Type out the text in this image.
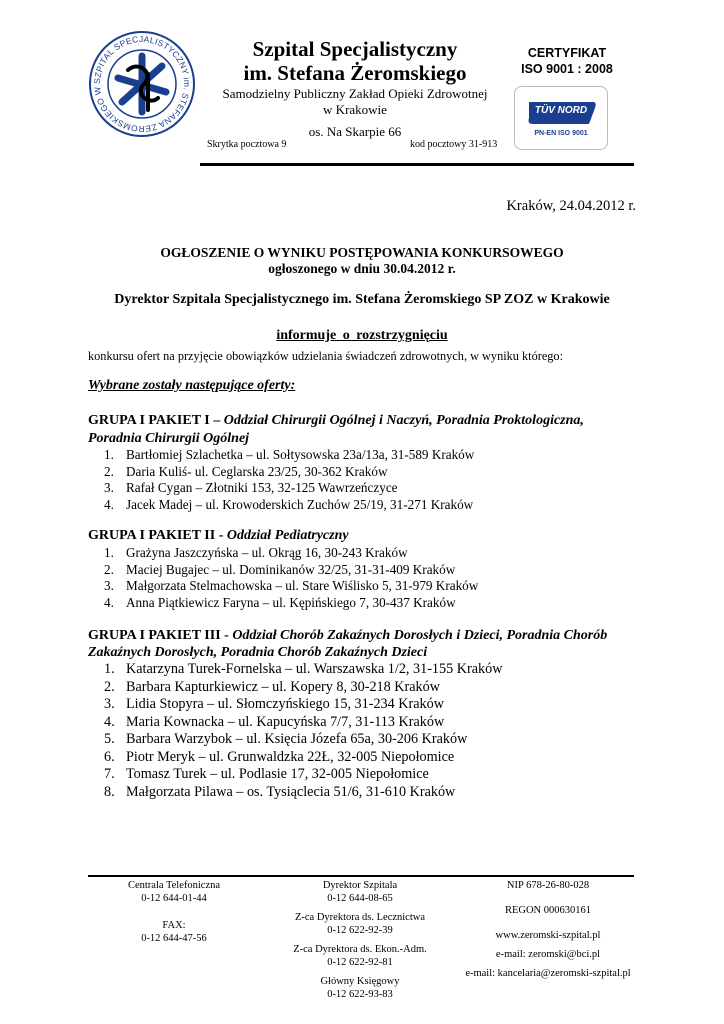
SZPITAL SPECJALISTYCZNY im. STEFANA ŻEROMSKIEGO W
Szpital Specjalistyczny
im. Stefana Żeromskiego
Samodzielny Publiczny Zakład Opieki Zdrowotnej
w Krakowie
os. Na Skarpie 66
Skrytka pocztowa 9	kod pocztowy 31-913
CERTYFIKAT
ISO 9001 : 2008
TÜV NORD
PN-EN ISO 9001
Kraków, 24.04.2012 r.
OGŁOSZENIE O WYNIKU POSTĘPOWANIA KONKURSOWEGO
ogłoszonego w dniu 30.04.2012 r.
Dyrektor Szpitala Specjalistycznego im. Stefana Żeromskiego SP ZOZ w Krakowie
informuje o rozstrzygnięciu
konkursu ofert na przyjęcie obowiązków udzielania świadczeń zdrowotnych, w wyniku którego:
Wybrane zostały następujące oferty:
GRUPA I PAKIET I – Oddział Chirurgii Ogólnej i Naczyń, Poradnia Proktologiczna,
Poradnia Chirurgii Ogólnej
1. Bartłomiej Szlachetka – ul. Sołtysowska 23a/13a, 31-589 Kraków
2. Daria Kuliś- ul. Ceglarska 23/25, 30-362 Kraków
3. Rafał Cygan – Złotniki 153, 32-125 Wawrzeńczyce
4. Jacek Madej – ul. Krowoderskich Zuchów 25/19, 31-271 Kraków
GRUPA I PAKIET II - Oddział Pediatryczny
1. Grażyna Jaszczyńska – ul. Okrąg 16, 30-243 Kraków
2. Maciej Bugajec – ul. Dominikanów 32/25, 31-31-409 Kraków
3. Małgorzata Stelmachowska – ul. Stare Wiślisko 5, 31-979 Kraków
4. Anna Piątkiewicz Faryna – ul. Kępińskiego 7, 30-437 Kraków
GRUPA I PAKIET III - Oddział Chorób Zakaźnych Dorosłych i Dzieci, Poradnia Chorób
Zakaźnych Dorosłych, Poradnia Chorób Zakaźnych Dzieci
1. Katarzyna Turek-Fornelska – ul. Warszawska 1/2, 31-155 Kraków
2. Barbara Kapturkiewicz – ul. Kopery 8, 30-218 Kraków
3. Lidia Stopyra – ul. Słomczyńskiego 15, 31-234 Kraków
4. Maria Kownacka – ul. Kapucyńska 7/7, 31-113 Kraków
5. Barbara Warzybok – ul. Księcia Józefa 65a, 30-206 Kraków
6. Piotr Meryk – ul. Grunwaldzka 22Ł, 32-005 Niepołomice
7. Tomasz Turek – ul. Podlasie 17, 32-005 Niepołomice
8. Małgorzata Pilawa – os. Tysiąclecia 51/6, 31-610 Kraków
Centrala Telefoniczna
0-12 644-01-44
FAX:
0-12 644-47-56
Dyrektor Szpitala
0-12 644-08-65
Z-ca Dyrektora ds. Lecznictwa
0-12 622-92-39
Z-ca Dyrektora ds. Ekon.-Adm.
0-12 622-92-81
Główny Księgowy
0-12 622-93-83
NIP 678-26-80-028
REGON 000630161
www.zeromski-szpital.pl
e-mail: zeromski@bci.pl
e-mail: kancelaria@zeromski-szpital.pl
